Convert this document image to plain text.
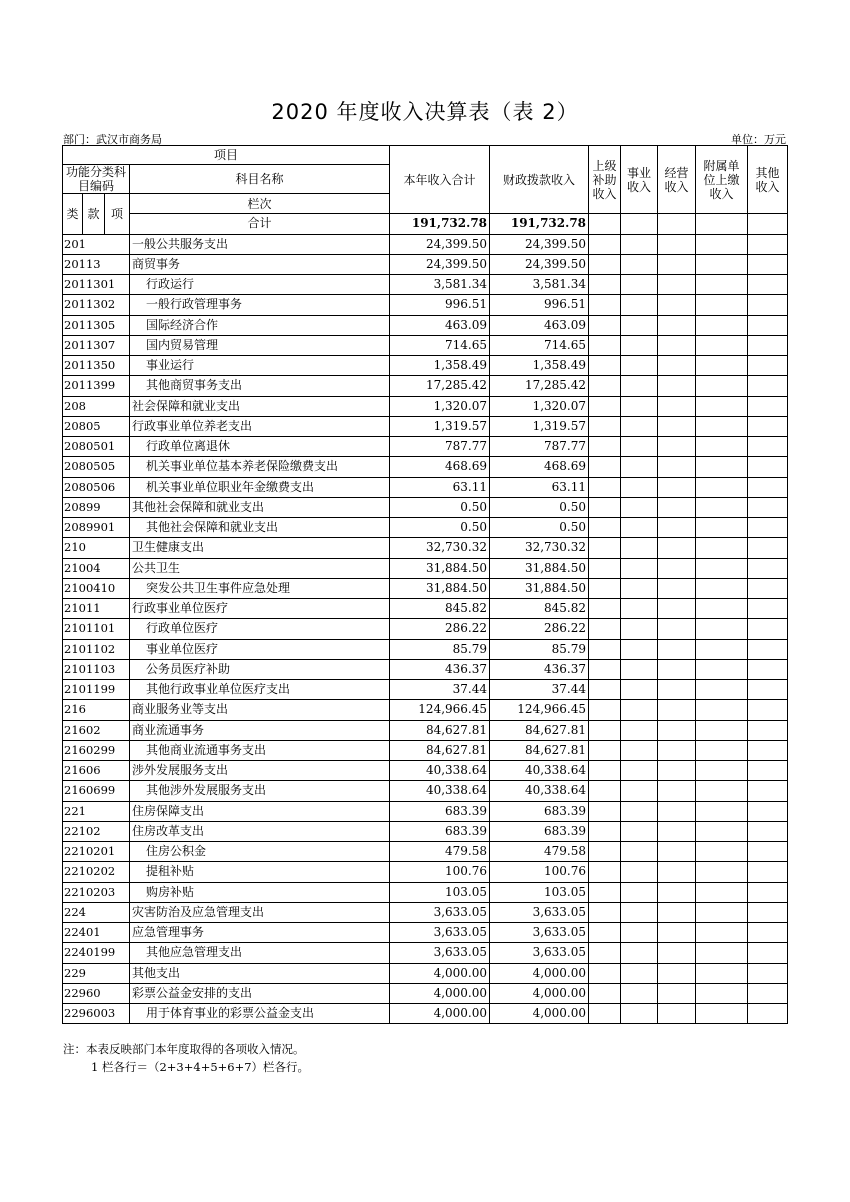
2020 年度收入决算表（表 2）
部门：武汉市商务局	单位：万元
项目				本年收入合计	财政拨款收入	上级补助收入	事业收入	经营收入	附属单位上缴收入	其他收入	
功能分类科目编码			科目名称								
类	款	项	栏次							
			合计	191,732.78	191,732.78						
201			一般公共服务支出	24,399.50	24,399.50						
20113			商贸事务	24,399.50	24,399.50						
2011301			行政运行	3,581.34	3,581.34						
2011302			一般行政管理事务	996.51	996.51						
2011305			国际经济合作	463.09	463.09						
2011307			国内贸易管理	714.65	714.65						
2011350			事业运行	1,358.49	1,358.49						
2011399			其他商贸事务支出	17,285.42	17,285.42						
208			社会保障和就业支出	1,320.07	1,320.07						
20805			行政事业单位养老支出	1,319.57	1,319.57						
2080501			行政单位离退休	787.77	787.77						
2080505			机关事业单位基本养老保险缴费支出	468.69	468.69						
2080506			机关事业单位职业年金缴费支出	63.11	63.11						
20899			其他社会保障和就业支出	0.50	0.50						
2089901			其他社会保障和就业支出	0.50	0.50						
210			卫生健康支出	32,730.32	32,730.32						
21004			公共卫生	31,884.50	31,884.50						
2100410			突发公共卫生事件应急处理	31,884.50	31,884.50						
21011			行政事业单位医疗	845.82	845.82						
2101101			行政单位医疗	286.22	286.22						
2101102			事业单位医疗	85.79	85.79						
2101103			公务员医疗补助	436.37	436.37						
2101199			其他行政事业单位医疗支出	37.44	37.44						
216			商业服务业等支出	124,966.45	124,966.45						
21602			商业流通事务	84,627.81	84,627.81						
2160299			其他商业流通事务支出	84,627.81	84,627.81						
21606			涉外发展服务支出	40,338.64	40,338.64						
2160699			其他涉外发展服务支出	40,338.64	40,338.64						
221			住房保障支出	683.39	683.39						
22102			住房改革支出	683.39	683.39						
2210201			住房公积金	479.58	479.58						
2210202			提租补贴	100.76	100.76						
2210203			购房补贴	103.05	103.05						
224			灾害防治及应急管理支出	3,633.05	3,633.05						
22401			应急管理事务	3,633.05	3,633.05						
2240199			其他应急管理支出	3,633.05	3,633.05						
229			其他支出	4,000.00	4,000.00						
22960			彩票公益金安排的支出	4,000.00	4,000.00						
2296003			用于体育事业的彩票公益金支出	4,000.00	4,000.00						
注：本表反映部门本年度取得的各项收入情况。
1 栏各行＝（2+3+4+5+6+7）栏各行。
